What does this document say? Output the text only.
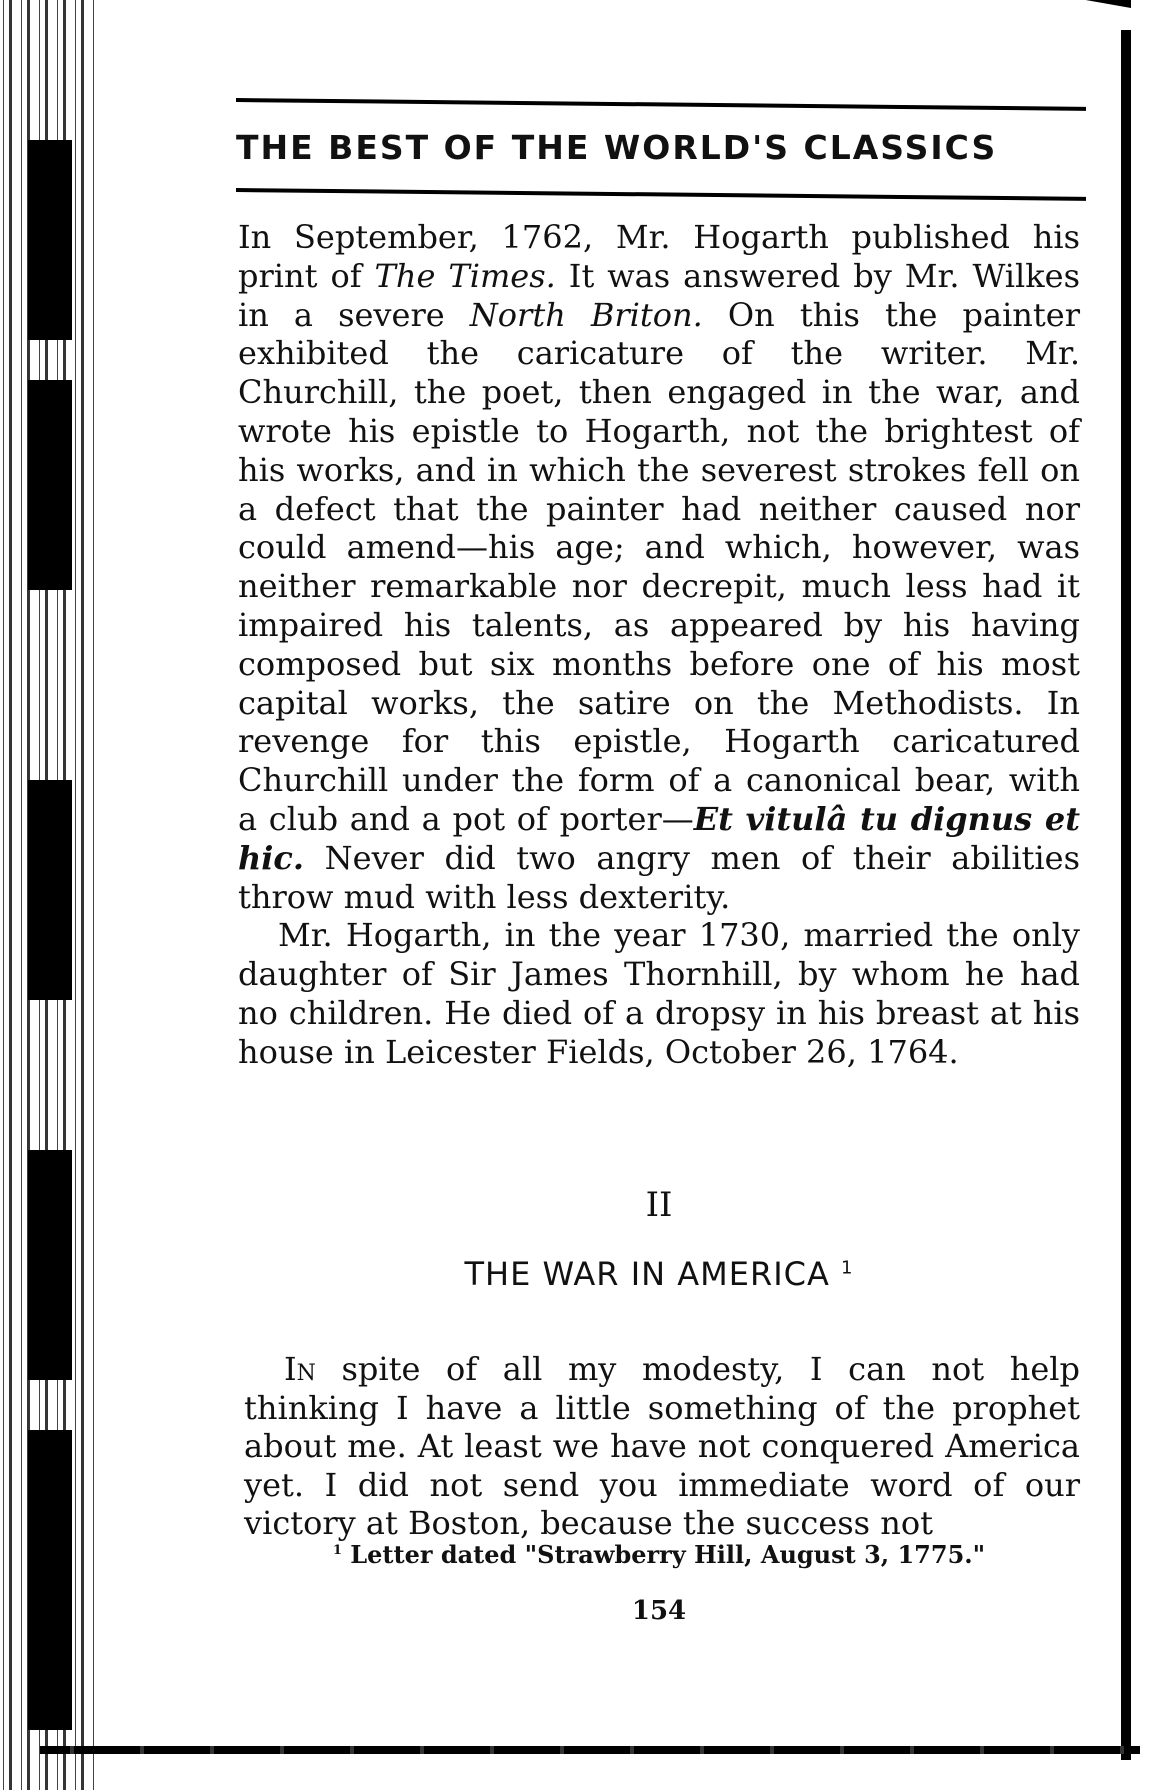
THE BEST OF THE WORLD'S CLASSICS

In September, 1762, Mr. Hogarth published his print of The Times. It was answered by Mr. Wilkes in a severe North Briton. On this the painter exhibited the caricature of the writer. Mr. Churchill, the poet, then engaged in the war, and wrote his epistle to Hogarth, not the brightest of his works, and in which the severest strokes fell on a defect that the painter had neither caused nor could amend—his age; and which, however, was neither remarkable nor decrepit, much less had it impaired his talents, as appeared by his having composed but six months before one of his most capital works, the satire on the Methodists. In revenge for this epistle, Hogarth caricatured Churchill under the form of a canonical bear, with a club and a pot of porter—Et vitulâ tu dignus et hic. Never did two angry men of their abilities throw mud with less dexterity.

Mr. Hogarth, in the year 1730, married the only daughter of Sir James Thornhill, by whom he had no children. He died of a dropsy in his breast at his house in Leicester Fields, October 26, 1764.

II
THE WAR IN AMERICA $^1$

In spite of all my modesty, I can not help thinking I have a little something of the prophet about me. At least we have not conquered America yet. I did not send you immediate word of our victory at Boston, because the success not

$^1$ Letter dated "Strawberry Hill, August 3, 1775."
154
